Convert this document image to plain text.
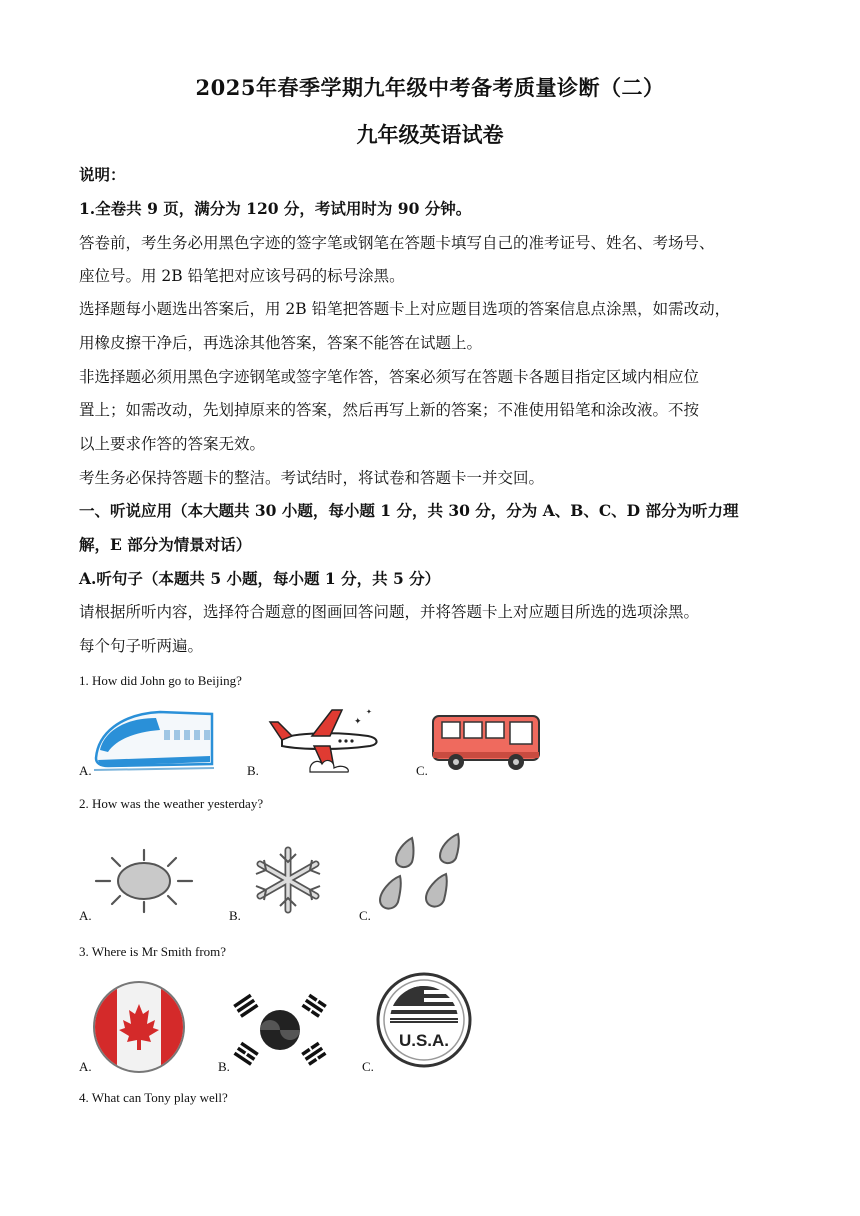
2025年春季学期九年级中考备考质量诊断（二）
九年级英语试卷
说明：
1.全卷共 9 页，满分为 120 分，考试用时为 90 分钟。
答卷前，考生务必用黑色字迹的签字笔或钢笔在答题卡填写自己的准考证号、姓名、考场号、
座位号。用 2B 铅笔把对应该号码的标号涂黑。
选择题每小题选出答案后，用 2B 铅笔把答题卡上对应题目选项的答案信息点涂黑，如需改动，
用橡皮擦干净后，再选涂其他答案，答案不能答在试题上。
非选择题必须用黑色字迹钢笔或签字笔作答，答案必须写在答题卡各题目指定区域内相应位
置上；如需改动，先划掉原来的答案，然后再写上新的答案；不准使用铅笔和涂改液。不按
以上要求作答的答案无效。
考生务必保持答题卡的整洁。考试结时，将试卷和答题卡一并交回。
一、听说应用（本大题共 30 小题，每小题 1 分，共 30 分，分为 A、B、C、D 部分为听力理
解，E 部分为情景对话）
A.听句子（本题共 5 小题，每小题 1 分，共 5 分）
请根据所听内容，选择符合题意的图画回答问题，并将答题卡上对应题目所选的选项涂黑。
每个句子听两遍。
1. How did John go to Beijing?
A.
✦
✦
B.	C.
2. How was the weather yesterday?
A.	B.	C.
3. Where is Mr Smith from?
A.	B.
U.S.A.
C.
4. What can Tony play well?
